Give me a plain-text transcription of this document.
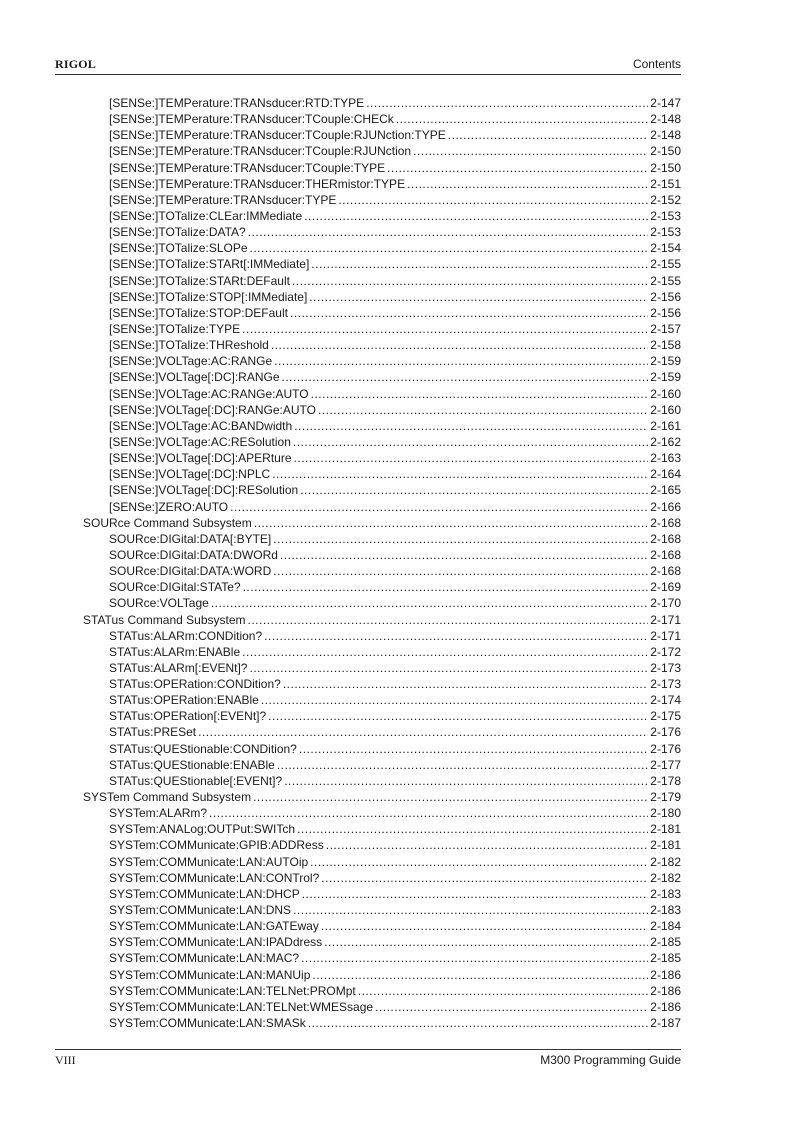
RIGOL	Contents
[SENSe:]TEMPerature:TRANsducer:RTD:TYPE .....	2-147
[SENSe:]TEMPerature:TRANsducer:TCouple:CHECk .....	2-148
[SENSe:]TEMPerature:TRANsducer:TCouple:RJUNction:TYPE .....	2-148
[SENSe:]TEMPerature:TRANsducer:TCouple:RJUNction .....	2-150
[SENSe:]TEMPerature:TRANsducer:TCouple:TYPE .....	2-150
[SENSe:]TEMPerature:TRANsducer:THERmistor:TYPE .....	2-151
[SENSe:]TEMPerature:TRANsducer:TYPE .....	2-152
[SENSe:]TOTalize:CLEar:IMMediate .....	2-153
[SENSe:]TOTalize:DATA? .....	2-153
[SENSe:]TOTalize:SLOPe .....	2-154
[SENSe:]TOTalize:STARt[:IMMediate] .....	2-155
[SENSe:]TOTalize:STARt:DEFault .....	2-155
[SENSe:]TOTalize:STOP[:IMMediate] .....	2-156
[SENSe:]TOTalize:STOP:DEFault .....	2-156
[SENSe:]TOTalize:TYPE .....	2-157
[SENSe:]TOTalize:THReshold .....	2-158
[SENSe:]VOLTage:AC:RANGe .....	2-159
[SENSe:]VOLTage[:DC]:RANGe .....	2-159
[SENSe:]VOLTage:AC:RANGe:AUTO .....	2-160
[SENSe:]VOLTage[:DC]:RANGe:AUTO .....	2-160
[SENSe:]VOLTage:AC:BANDwidth .....	2-161
[SENSe:]VOLTage:AC:RESolution .....	2-162
[SENSe:]VOLTage[:DC]:APERture .....	2-163
[SENSe:]VOLTage[:DC]:NPLC .....	2-164
[SENSe:]VOLTage[:DC]:RESolution .....	2-165
[SENSe:]ZERO:AUTO .....	2-166
SOURce Command Subsystem .....	2-168
SOURce:DIGital:DATA[:BYTE] .....	2-168
SOURce:DIGital:DATA:DWORd .....	2-168
SOURce:DIGital:DATA:WORD .....	2-168
SOURce:DIGital:STATe? .....	2-169
SOURce:VOLTage .....	2-170
STATus Command Subsystem .....	2-171
STATus:ALARm:CONDition? .....	2-171
STATus:ALARm:ENABle .....	2-172
STATus:ALARm[:EVENt]? .....	2-173
STATus:OPERation:CONDition? .....	2-173
STATus:OPERation:ENABle .....	2-174
STATus:OPERation[:EVENt]? .....	2-175
STATus:PRESet .....	2-176
STATus:QUEStionable:CONDition? .....	2-176
STATus:QUEStionable:ENABle .....	2-177
STATus:QUEStionable[:EVENt]? .....	2-178
SYSTem Command Subsystem .....	2-179
SYSTem:ALARm? .....	2-180
SYSTem:ANALog:OUTPut:SWITch .....	2-181
SYSTem:COMMunicate:GPIB:ADDRess .....	2-181
SYSTem:COMMunicate:LAN:AUTOip .....	2-182
SYSTem:COMMunicate:LAN:CONTrol? .....	2-182
SYSTem:COMMunicate:LAN:DHCP .....	2-183
SYSTem:COMMunicate:LAN:DNS .....	2-183
SYSTem:COMMunicate:LAN:GATEway .....	2-184
SYSTem:COMMunicate:LAN:IPADdress .....	2-185
SYSTem:COMMunicate:LAN:MAC? .....	2-185
SYSTem:COMMunicate:LAN:MANUip .....	2-186
SYSTem:COMMunicate:LAN:TELNet:PROMpt .....	2-186
SYSTem:COMMunicate:LAN:TELNet:WMESsage .....	2-186
SYSTem:COMMunicate:LAN:SMASk .....	2-187
VIII	M300 Programming Guide
